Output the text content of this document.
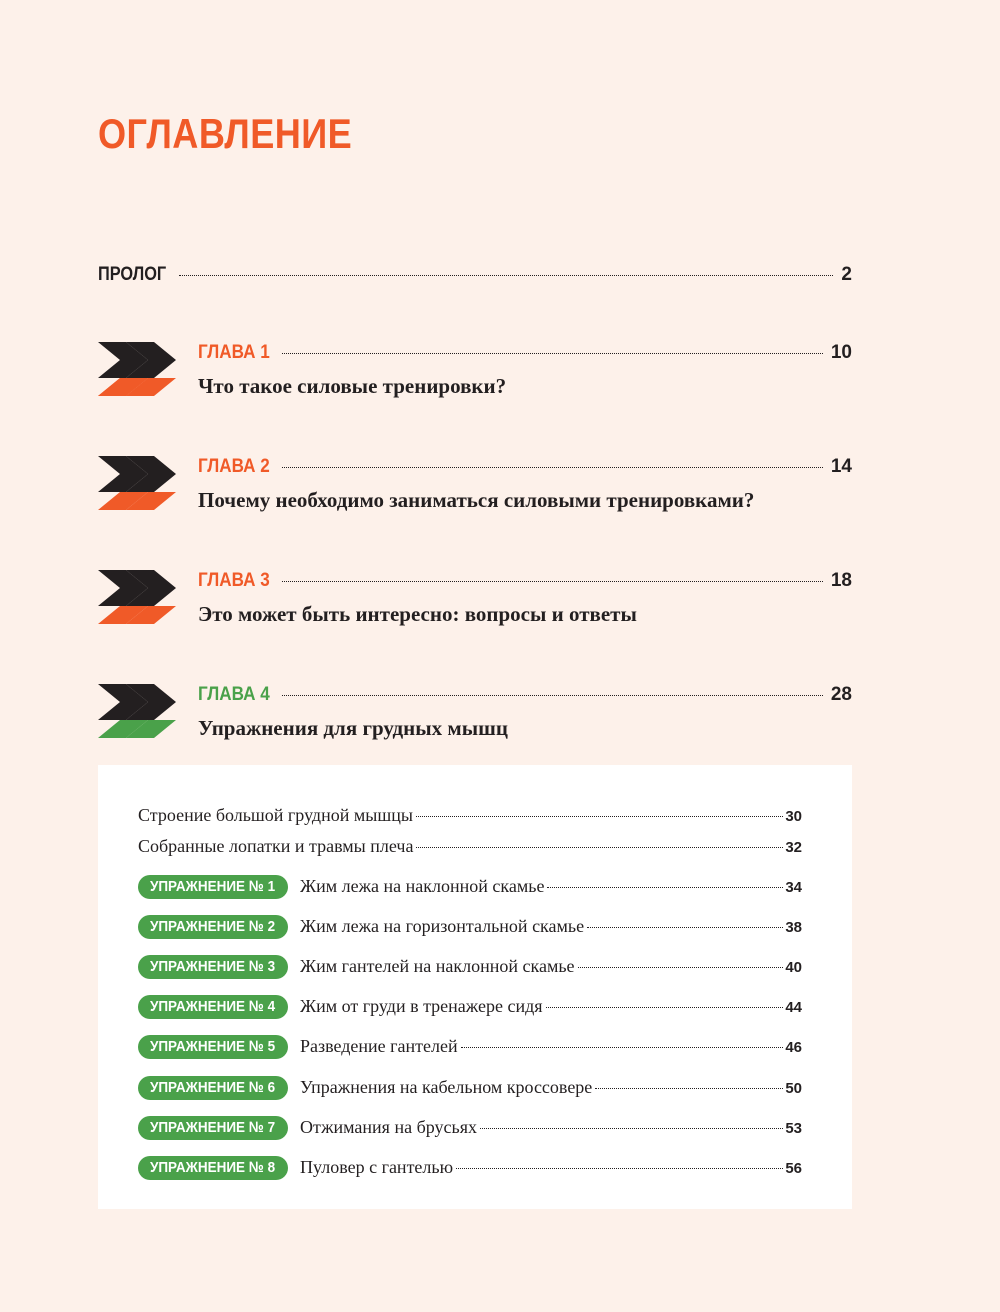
ОГЛАВЛЕНИЕ
ПРОЛОГ	2
ГЛАВА 1	10
Что такое силовые тренировки?
ГЛАВА 2	14
Почему необходимо заниматься силовыми тренировками?
ГЛАВА 3	18
Это может быть интересно: вопросы и ответы
ГЛАВА 4	28
Упражнения для грудных мышц
Строение большой грудной мышцы	30
Собранные лопатки и травмы плеча	32
УПРАЖНЕНИЕ № 1	Жим лежа на наклонной скамье	34
УПРАЖНЕНИЕ № 2	Жим лежа на горизонтальной скамье	38
УПРАЖНЕНИЕ № 3	Жим гантелей на наклонной скамье	40
УПРАЖНЕНИЕ № 4	Жим от груди в тренажере сидя	44
УПРАЖНЕНИЕ № 5	Разведение гантелей	46
УПРАЖНЕНИЕ № 6	Упражнения на кабельном кроссовере	50
УПРАЖНЕНИЕ № 7	Отжимания на брусьях	53
УПРАЖНЕНИЕ № 8	Пуловер с гантелью	56
